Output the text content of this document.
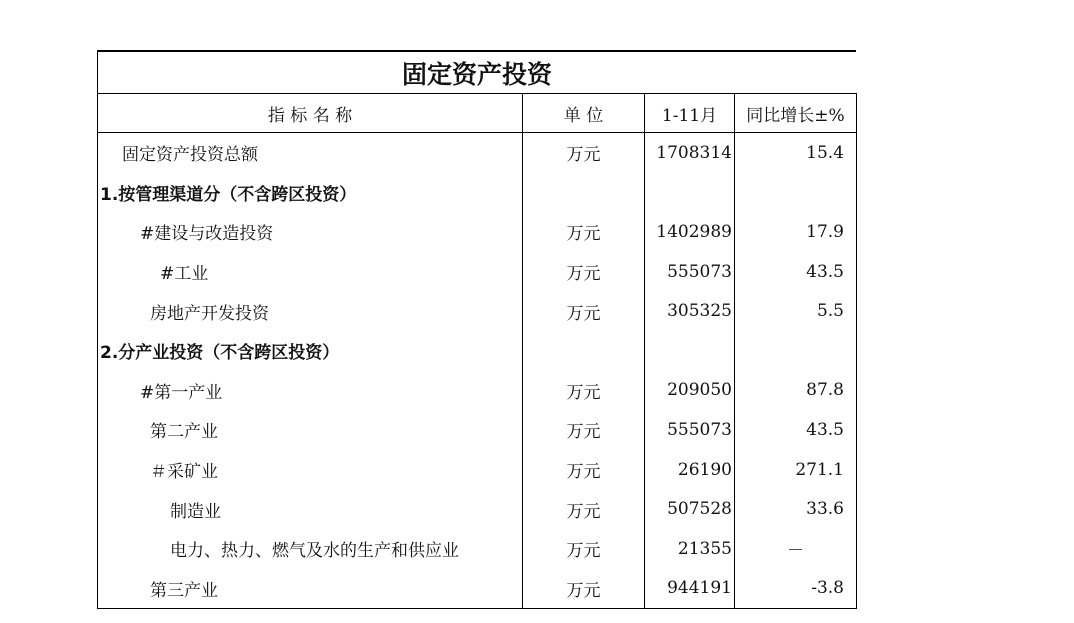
固定资产投资
指 标 名 称	单 位	1-11月	同比增长±%
固定资产投资总额	万元	1708314	15.4
1.按管理渠道分（不含跨区投资）			
#建设与改造投资	万元	1402989	17.9
#工业	万元	555073	43.5
房地产开发投资	万元	305325	5.5
2.分产业投资（不含跨区投资）			
#第一产业	万元	209050	87.8
第二产业	万元	555073	43.5
＃采矿业	万元	26190	271.1
制造业	万元	507528	33.6
电力、热力、燃气及水的生产和供应业	万元	21355	－
第三产业	万元	944191	-3.8
